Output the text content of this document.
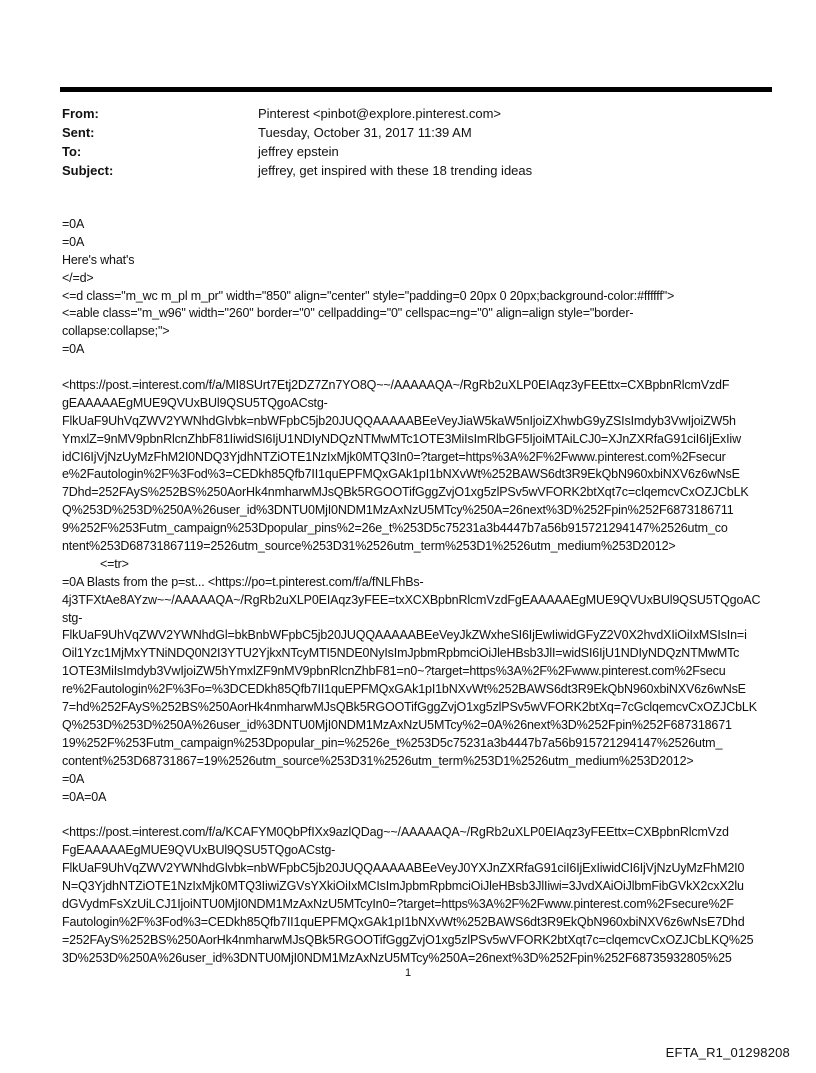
From:	Pinterest <pinbot@explore.pinterest.com>
Sent:	Tuesday, October 31, 2017 11:39 AM
To:	jeffrey epstein
Subject:	jeffrey, get inspired with these 18 trending ideas
=0A
=0A
Here's what's
</=d>
<=d class="m_wc m_pl m_pr" width="850" align="center" style="padding=0 20px 0 20px;background-color:#ffffff">
<=able class="m_w96" width="260" border="0" cellpadding="0" cellspac=ng="0" align=align style="border-
collapse:collapse;">
=0A
<https://post.=interest.com/f/a/MI8SUrt7Etj2DZ7Zn7YO8Q~~/AAAAAQA~/RgRb2uXLP0EIAqz3yFEEttx=CXBpbnRlcmVzdF
gEAAAAAEgMUE9QVUxBUl9QSU5TQgoACstg-
FlkUaF9UhVqZWV2YWNhdGlvbk=nbWFpbC5jb20JUQQAAAAABEeVeyJiaW5kaW5nIjoiZXhwbG9yZSIsImdyb3VwIjoiZW5h
YmxlZ=9nMV9pbnRlcnZhbF81IiwidSI6IjU1NDIyNDQzNTMwMTc1OTE3MiIsImRlbGF5IjoiMTAiLCJ0=XJnZXRfaG91ciI6IjExIiw
idCI6IjVjNzUyMzFhM2I0NDQ3YjdhNTZiOTE1NzIxMjk0MTQ3In0=?target=https%3A%2F%2Fwww.pinterest.com%2Fsecur
e%2Fautologin%2F%3Fod%3=CEDkh85Qfb7II1quEPFMQxGAk1pI1bNXvWt%252BAWS6dt3R9EkQbN960xbiNXV6z6wNsE
7Dhd=252FAyS%252BS%250AorHk4nmharwMJsQBk5RGOOTifGggZvjO1xg5zlPSv5wVFORK2btXqt7c=clqemcvCxOZJCbLK
Q%253D%253D%250A%26user_id%3DNTU0MjI0NDM1MzAxNzU5MTcy%250A=26next%3D%252Fpin%252F6873186711
9%252F%253Futm_campaign%253Dpopular_pins%2=26e_t%253D5c75231a3b4447b7a56b915721294147%2526utm_co
ntent%253D68731867119=2526utm_source%253D31%2526utm_term%253D1%2526utm_medium%253D2012>
<=tr>
=0A Blasts from the p=st... <https://po=t.pinterest.com/f/a/fNLFhBs-
4j3TFXtAe8AYzw~~/AAAAAQA~/RgRb2uXLP0EIAqz3yFEE=txXCXBpbnRlcmVzdFgEAAAAAEgMUE9QVUxBUl9QSU5TQgoAC
stg-
FlkUaF9UhVqZWV2YWNhdGl=bkBnbWFpbC5jb20JUQQAAAAABEeVeyJkZWxheSI6IjEwIiwidGFyZ2V0X2hvdXIiOiIxMSIsIn=i
Oil1Yzc1MjMxYTNiNDQ0N2I3YTU2YjkxNTcyMTI5NDE0NyIsImJpbmRpbmciOiJleHBsb3JlI=widSI6IjU1NDIyNDQzNTMwMTc
1OTE3MiIsImdyb3VwIjoiZW5hYmxlZF9nMV9pbnRlcnZhbF81=n0~?target=https%3A%2F%2Fwww.pinterest.com%2Fsecu
re%2Fautologin%2F%3Fo=%3DCEDkh85Qfb7II1quEPFMQxGAk1pI1bNXvWt%252BAWS6dt3R9EkQbN960xbiNXV6z6wNsE
7=hd%252FAyS%252BS%250AorHk4nmharwMJsQBk5RGOOTifGggZvjO1xg5zlPSv5wVFORK2btXq=7cGclqemcvCxOZJCbLK
Q%253D%253D%250A%26user_id%3DNTU0MjI0NDM1MzAxNzU5MTcy%2=0A%26next%3D%252Fpin%252F687318671
19%252F%253Futm_campaign%253Dpopular_pin=%2526e_t%253D5c75231a3b4447b7a56b915721294147%2526utm_
content%253D68731867=19%2526utm_source%253D31%2526utm_term%253D1%2526utm_medium%253D2012>
=0A
=0A=0A
<https://post.=interest.com/f/a/KCAFYM0QbPfIXx9azlQDag~~/AAAAAQA~/RgRb2uXLP0EIAqz3yFEEttx=CXBpbnRlcmVzd
FgEAAAAAEgMUE9QVUxBUl9QSU5TQgoACstg-
FlkUaF9UhVqZWV2YWNhdGlvbk=nbWFpbC5jb20JUQQAAAAABEeVeyJ0YXJnZXRfaG91ciI6IjExIiwidCI6IjVjNzUyMzFhM2I0
N=Q3YjdhNTZiOTE1NzIxMjk0MTQ3IiwiZGVsYXkiOiIxMCIsImJpbmRpbmciOiJleHBsb3JlIiwi=3JvdXAiOiJlbmFibGVkX2cxX2lu
dGVydmFsXzUiLCJ1IjoiNTU0MjI0NDM1MzAxNzU5MTcyIn0=?target=https%3A%2F%2Fwww.pinterest.com%2Fsecure%2F
Fautologin%2F%3Fod%3=CEDkh85Qfb7II1quEPFMQxGAk1pI1bNXvWt%252BAWS6dt3R9EkQbN960xbiNXV6z6wNsE7Dhd
=252FAyS%252BS%250AorHk4nmharwMJsQBk5RGOOTifGggZvjO1xg5zlPSv5wVFORK2btXqt7c=clqemcvCxOZJCbLKQ%25
3D%253D%250A%26user_id%3DNTU0MjI0NDM1MzAxNzU5MTcy%250A=26next%3D%252Fpin%252F68735932805%25
1
EFTA_R1_01298208
